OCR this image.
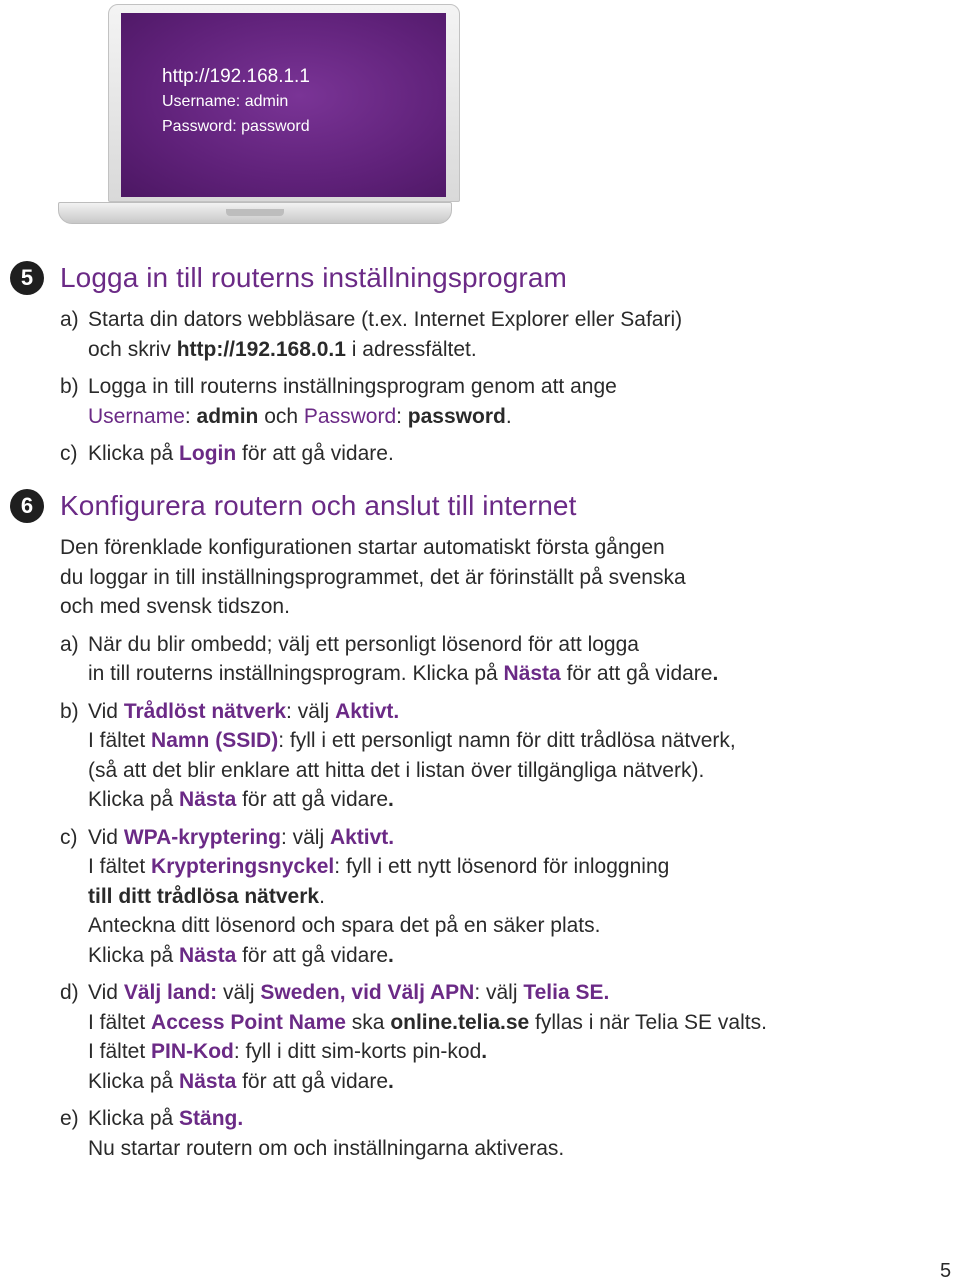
http://192.168.1.1
Username: admin
Password: password
5 Logga in till routerns inställningsprogram
a) Starta din dators webbläsare (t.ex. Internet Explorer eller Safari)
och skriv http://192.168.0.1 i adressfältet.
b) Logga in till routerns inställningsprogram genom att ange
Username: admin och Password: password.
c) Klicka på Login för att gå vidare.
6 Konfigurera routern och anslut till internet
Den förenklade konfigurationen startar automatiskt första gången
du loggar in till inställningsprogrammet, det är förinställt på svenska
och med svensk tidszon.
a) När du blir ombedd; välj ett personligt lösenord för att logga
in till routerns inställningsprogram. Klicka på Nästa för att gå vidare.
b) Vid Trådlöst nätverk: välj Aktivt.
I fältet Namn (SSID): fyll i ett personligt namn för ditt trådlösa nätverk,
(så att det blir enklare att hitta det i listan över tillgängliga nätverk).
Klicka på Nästa för att gå vidare.
c) Vid WPA-kryptering: välj Aktivt.
I fältet Krypteringsnyckel: fyll i ett nytt lösenord för inloggning
till ditt trådlösa nätverk.
Anteckna ditt lösenord och spara det på en säker plats.
Klicka på Nästa för att gå vidare.
d) Vid Välj land: välj Sweden, vid Välj APN: välj Telia SE.
I fältet Access Point Name ska online.telia.se fyllas i när Telia SE valts.
I fältet PIN-Kod: fyll i ditt sim-korts pin-kod.
Klicka på Nästa för att gå vidare.
e) Klicka på Stäng.
Nu startar routern om och inställningarna aktiveras.
5
